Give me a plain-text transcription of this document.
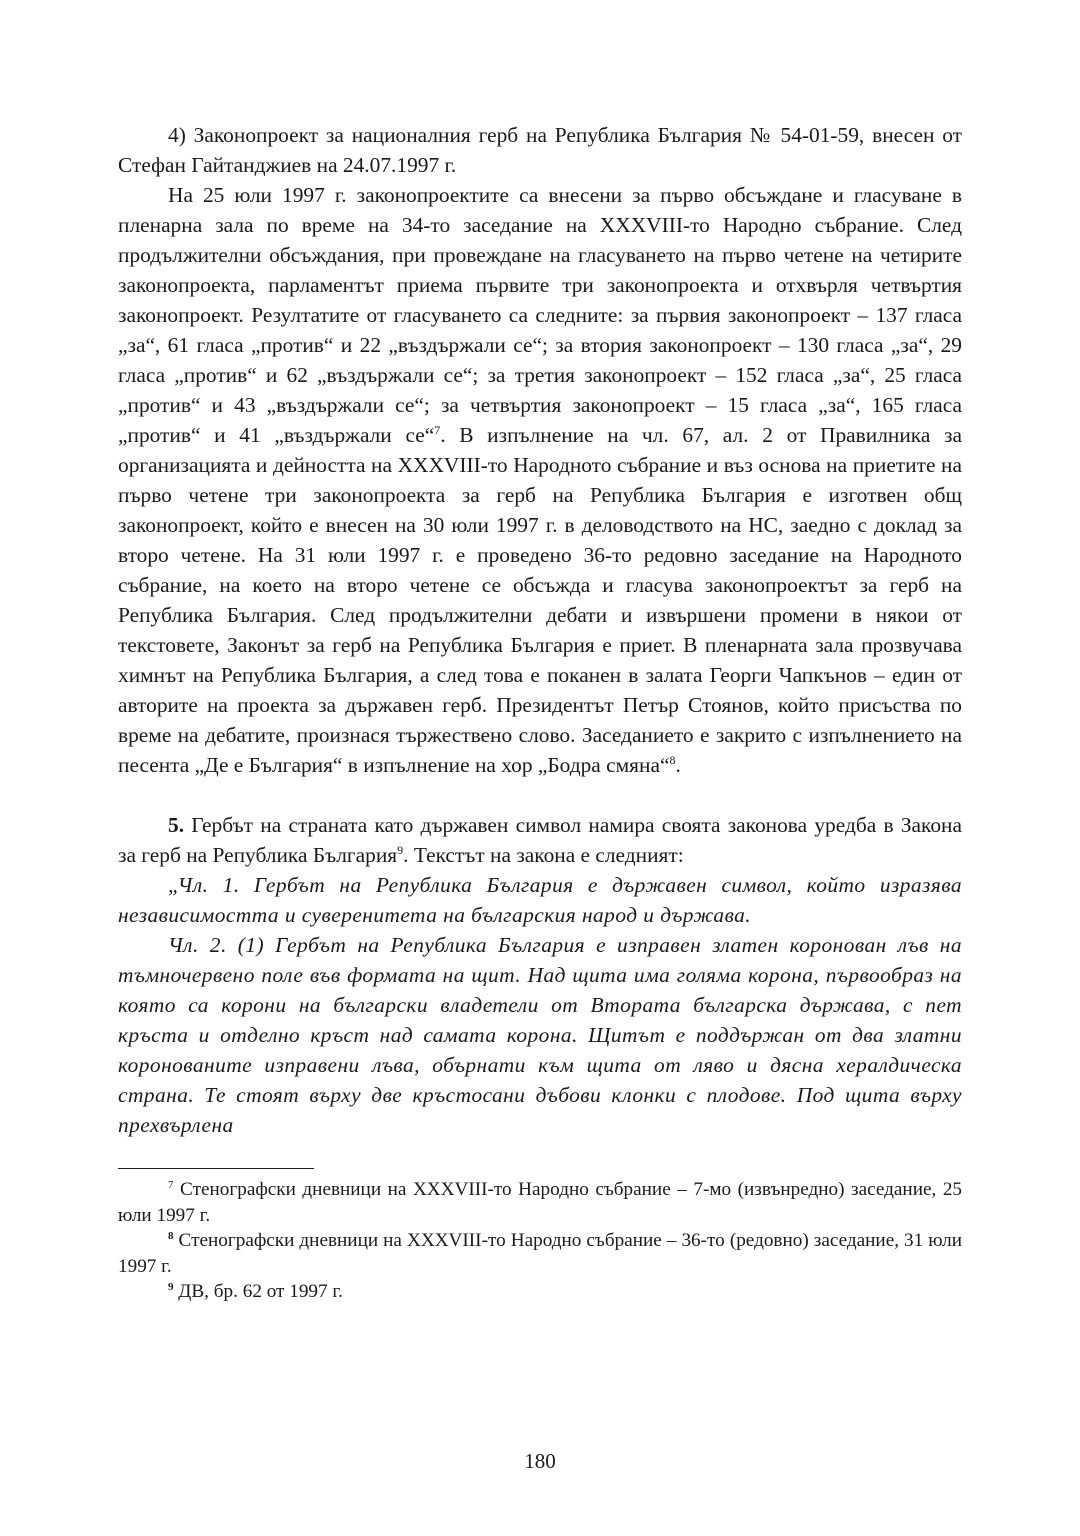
4) Законопроект за националния герб на Република България № 54-01-59, внесен от Стефан Гайтанджиев на 24.07.1997 г.

На 25 юли 1997 г. законопроектите са внесени за първо обсъждане и гласуване в пленарна зала по време на 34-то заседание на XXXVIII-то Народно събрание. След продължителни обсъждания, при провеждане на гласуването на първо четене на четирите законопроекта, парламентът приема първите три законопроекта и отхвърля четвъртия законопроект. Резултатите от гласуването са следните: за първия законопроект – 137 гласа „за“, 61 гласа „против“ и 22 „въздържали се“; за втория законопроект – 130 гласа „за“, 29 гласа „против“ и 62 „въздържали се“; за третия законопроект – 152 гласа „за“, 25 гласа „против“ и 43 „въздържали се“; за четвъртия законопроект – 15 гласа „за“, 165 гласа „против“ и 41 „въздържали се“$^7$. В изпълнение на чл. 67, ал. 2 от Правилника за организацията и дейността на XXXVIII-то Народното събрание и въз основа на приетите на първо четене три законопроекта за герб на Република България е изготвен общ законопроект, който е внесен на 30 юли 1997 г. в деловодството на НС, заедно с доклад за второ четене. На 31 юли 1997 г. е проведено 36-то редовно заседание на Народното събрание, на което на второ четене се обсъжда и гласува законопроектът за герб на Република България. След продължителни дебати и извършени промени в някои от текстовете, Законът за герб на Република България е приет. В пленарната зала прозвучава химнът на Република България, а след това е поканен в залата Георги Чапкънов – един от авторите на проекта за държавен герб. Президентът Петър Стоянов, който присъства по време на дебатите, произнася тържествено слово. Заседанието е закрито с изпълнението на песента „Де е България“ в изпълнение на хор „Бодра смяна“$^8$.

5. Гербът на страната като държавен символ намира своята законова уредба в Закона за герб на Република България$^9$. Текстът на закона е следният:

„Чл. 1. Гербът на Република България е държавен символ, който изразява независимостта и суверенитета на българския народ и държава.

Чл. 2. (1) Гербът на Република България е изправен златен коронован лъв на тъмночервено поле във формата на щит. Над щита има голяма корона, първообраз на която са корони на български владетели от Втората българска държава, с пет кръста и отделно кръст над самата корона. Щитът е поддържан от два златни коронованите изправени лъва, обърнати към щита от ляво и дясна хералдическа страна. Те стоят върху две кръстосани дъбови клонки с плодове. Под щита върху прехвърлена

$^7$ Стенографски дневници на XXXVIII-то Народно събрание – 7-мо (извънредно) заседание, 25 юли 1997 г.

$^8$ Стенографски дневници на XXXVIII-то Народно събрание – 36-то (редовно) заседание, 31 юли 1997 г.

$^9$ ДВ, бр. 62 от 1997 г.

180
